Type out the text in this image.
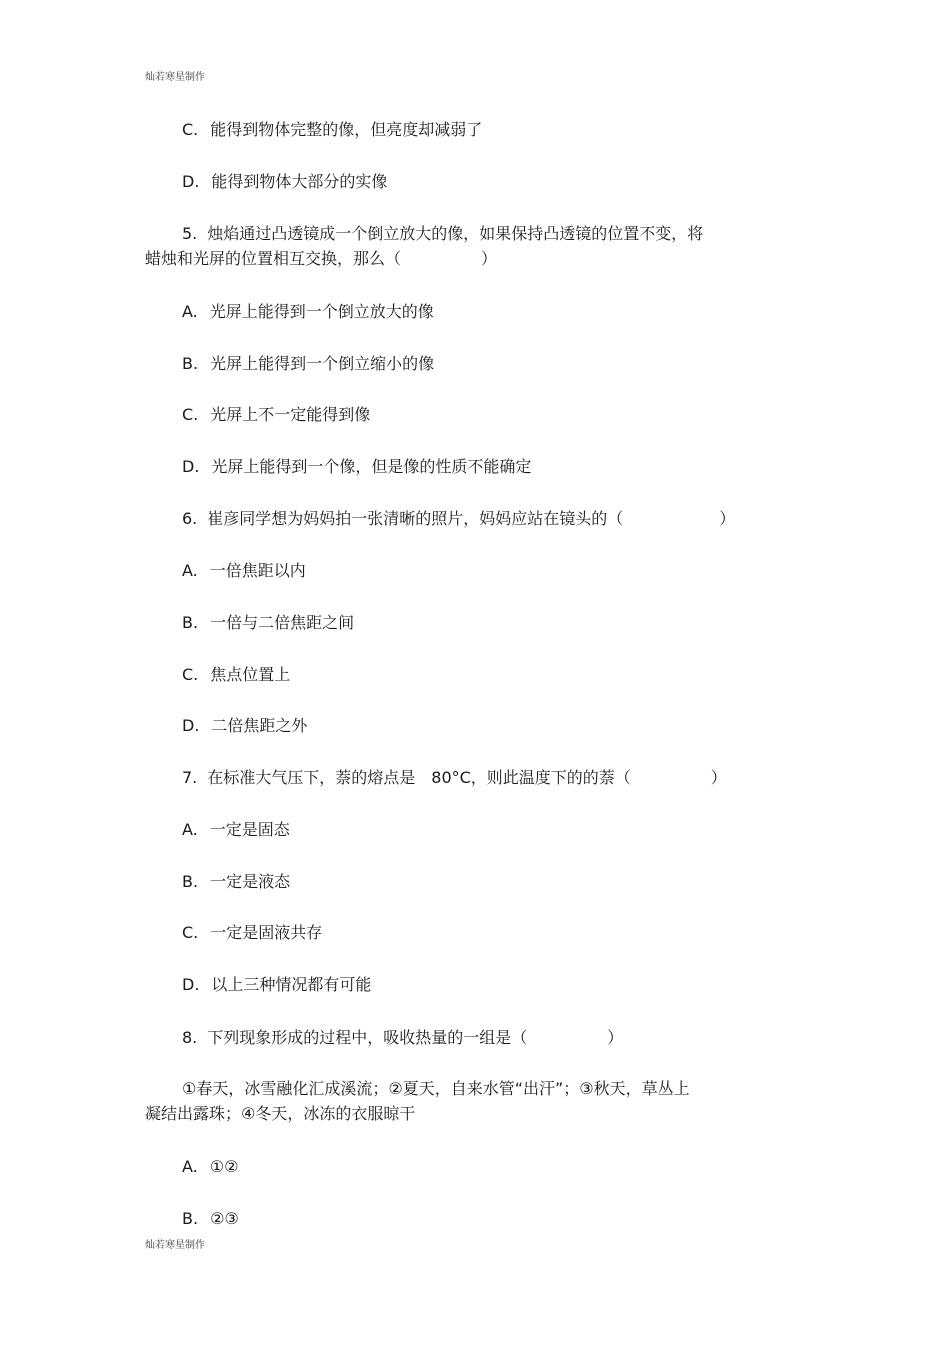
灿若寒星制作
C. 能得到物体完整的像，但亮度却减弱了
D. 能得到物体大部分的实像
5. 烛焰通过凸透镜成一个倒立放大的像，如果保持凸透镜的位置不变，将
蜡烛和光屏的位置相互交换，那么（　　　　　）
A. 光屏上能得到一个倒立放大的像
B. 光屏上能得到一个倒立缩小的像
C. 光屏上不一定能得到像
D. 光屏上能得到一个像，但是像的性质不能确定
6. 崔彦同学想为妈妈拍一张清晰的照片，妈妈应站在镜头的（　　　　　　）
A. 一倍焦距以内
B. 一倍与二倍焦距之间
C. 焦点位置上
D. 二倍焦距之外
7. 在标准大气压下，萘的熔点是　80°C，则此温度下的的萘（　　　　　）
A. 一定是固态
B. 一定是液态
C. 一定是固液共存
D. 以上三种情况都有可能
8. 下列现象形成的过程中，吸收热量的一组是（　　　　　）
①春天，冰雪融化汇成溪流；②夏天，自来水管“出汗”；③秋天，草丛上
凝结出露珠；④冬天，冰冻的衣服晾干
A. ①②
B. ②③
灿若寒星制作
